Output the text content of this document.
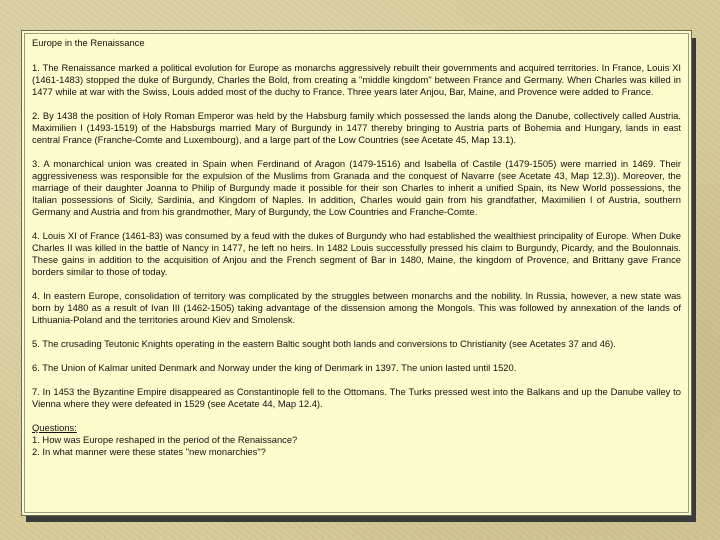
Europe in the Renaissance

1. The Renaissance marked a political evolution for Europe as monarchs aggressively rebuilt their governments and acquired territories. In France, Louis XI (1461-1483) stopped the duke of Burgundy, Charles the Bold, from creating a "middle kingdom" between France and Germany. When Charles was killed in 1477 while at war with the Swiss, Louis added most of the duchy to France. Three years later Anjou, Bar, Maine, and Provence were added to France.

2. By 1438 the position of Holy Roman Emperor was held by the Habsburg family which possessed the lands along the Danube, collectively called Austria. Maximilien I (1493-1519) of the Habsburgs married Mary of Burgundy in 1477 thereby bringing to Austria parts of Bohemia and Hungary, lands in east central France (Franche-Comte and Luxembourg), and a large part of the Low Countries (see Acetate 45, Map 13.1).

3. A monarchical union was created in Spain when Ferdinand of Aragon (1479-1516) and Isabella of Castile (1479-1505) were married in 1469. Their aggressiveness was responsible for the expulsion of the Muslims from Granada and the conquest of Navarre (see Acetate 43, Map 12.3)). Moreover, the marriage of their daughter Joanna to Philip of Burgundy made it possible for their son Charles to inherit a unified Spain, its New World possessions, the Italian possessions of Sicily, Sardinia, and Kingdom of Naples. In addition, Charles would gain from his grandfather, Maximilien I of Austria, southern Germany and Austria and from his grandmother, Mary of Burgundy, the Low Countries and Franche-Comte.

4. Louis XI of France (1461-83) was consumed by a feud with the dukes of Burgundy who had established the wealthiest principality of Europe. When Duke Charles II was killed in the battle of Nancy in 1477, he left no heirs. In 1482 Louis successfully pressed his claim to Burgundy, Picardy, and the Boulonnais. These gains in addition to the acquisition of Anjou and the French segment of Bar in 1480, Maine, the kingdom of Provence, and Brittany gave France borders similar to those of today.

4. In eastern Europe, consolidation of territory was complicated by the struggles between monarchs and the nobility. In Russia, however, a new state was born by 1480 as a result of Ivan III (1462-1505) taking advantage of the dissension among the Mongols. This was followed by annexation of the lands of Lithuania-Poland and the territories around Kiev and Smolensk.

5. The crusading Teutonic Knights operating in the eastern Baltic sought both lands and conversions to Christianity (see Acetates 37 and 46).

6. The Union of Kalmar united Denmark and Norway under the king of Denmark in 1397. The union lasted until 1520.

7. In 1453 the Byzantine Empire disappeared as Constantinople fell to the Ottomans. The Turks pressed west into the Balkans and up the Danube valley to Vienna where they were defeated in 1529 (see Acetate 44, Map 12.4).

Questions:

1. How was Europe reshaped in the period of the Renaissance?

2. In what manner were these states "new monarchies"?
